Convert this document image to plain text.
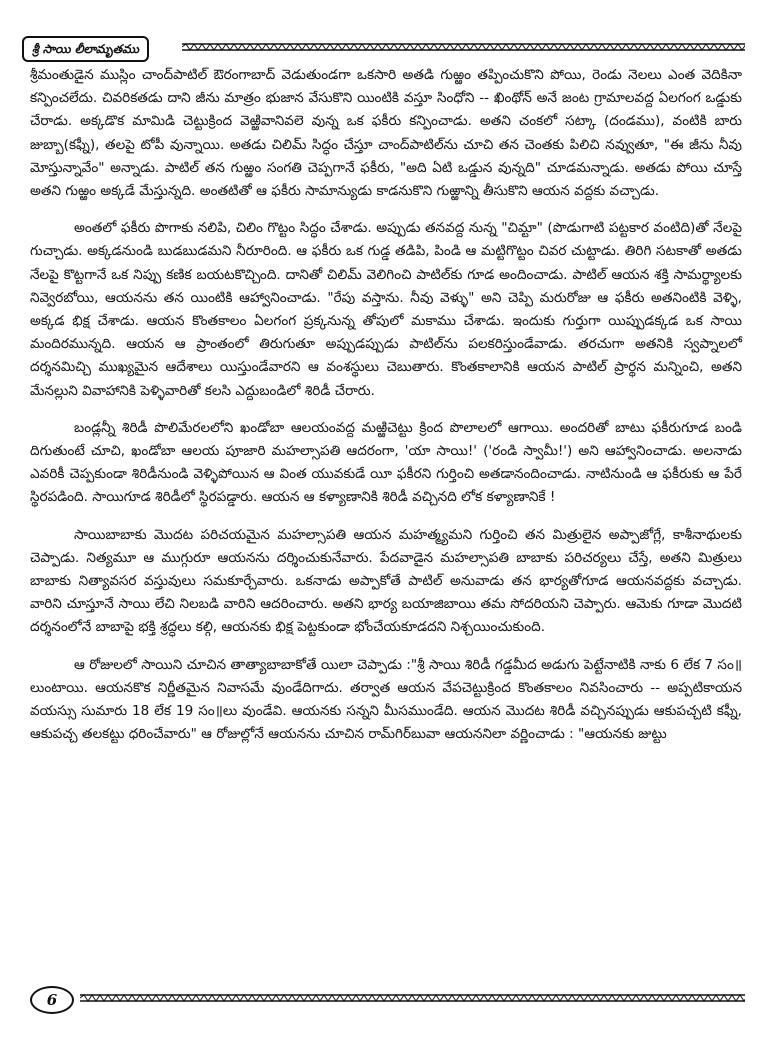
శ్రీ సాయి లీలామృతము

శ్రీమంతుడైన ముస్లిం చాంద్‌పాటిల్ ఔరంగాబాద్ వెడుతుండగా ఒకసారి అతడి గుఱ్ఱం తప్పించుకొని పోయి, రెండు నెలలు ఎంత వెదికినా కన్పించలేదు. చివరికతడు దాని జీను మాత్రం భుజాన వేసుకొని యింటికి వస్తూ సింధోని -- ఖింథోన్ అనే జంట గ్రామాలవద్ద ఏలగంగ ఒడ్డుకు చేరాడు. అక్కడొక మామిడి చెట్టుక్రింద వెఱ్ఱివానివలె వున్న ఒక ఫకీరు కన్పించాడు. అతని చంకలో సట్కా (దండము), వంటికి బారు జుబ్బా(కఫ్నీ), తలపై టోపీ వున్నాయి. అతడు చిలిమ్ సిద్ధం చేస్తూ చాంద్‌పాటిల్‌ను చూచి తన చెంతకు పిలిచి నవ్వుతూ, "ఈ జీను నీవు మోస్తున్నావేం" అన్నాడు. పాటిల్ తన గుఱ్ఱం సంగతి చెప్పగానే ఫకీరు, "అది ఏటి ఒడ్డున వున్నది" చూడమన్నాడు. అతడు పోయి చూస్తే అతని గుఱ్ఱం అక్కడే మేస్తున్నది. అంతటితో ఆ ఫకీరు సామాన్యుడు కాడనుకొని గుఱ్ఱాన్ని తీసుకొని ఆయన వద్దకు వచ్చాడు.

అంతలో ఫకీరు పొగాకు నలిపి, చిలిం గొట్టం సిద్ధం చేశాడు. అప్పుడు తనవద్ద నున్న "చిమ్టా" (పొడుగాటి పట్టకార వంటిది)తో నేలపై గుచ్చాడు. అక్కడనుండి బుడబుడమని నీరూరింది. ఆ ఫకీరు ఒక గుడ్డ తడిపి, పిండి ఆ మట్టిగొట్టం చివర చుట్టాడు. తిరిగి సటకాతో అతడు నేలపై కొట్టగానే ఒక నిప్పు కణిక బయటకొచ్చింది. దానితో చిలిమ్ వెలిగించి పాటిల్‌కు గూడ అందించాడు. పాటిల్ ఆయన శక్తి సామర్థ్యాలకు నివ్వెరబోయి, ఆయనను తన యింటికి ఆహ్వానించాడు. "రేపు వస్తాను. నీవు వెళ్ళు" అని చెప్పి మరురోజు ఆ ఫకీరు అతనింటికి వెళ్ళి, అక్కడ భిక్ష చేశాడు. ఆయన కొంతకాలం ఏలగంగ ప్రక్కనున్న తోపులో మకాము చేశాడు. ఇందుకు గుర్తుగా యిప్పుడక్కడ ఒక సాయి మందిరమున్నది. ఆయన ఆ ప్రాంతంలో తిరుగుతూ అప్పుడప్పుడు పాటిల్‌ను పలకరిస్తుండేవాడు. తరచుగా అతనికి స్వప్నాలలో దర్శనమిచ్చి ముఖ్యమైన ఆదేశాలు యిస్తుండేవారని ఆ వంశస్థులు చెబుతారు. కొంతకాలానికి ఆయన పాటిల్ ప్రార్థన మన్నించి, అతని మేనల్లుని వివాహానికి పెళ్ళివారితో కలసి ఎద్దుబండిలో శిరిడీ చేరారు.

బండ్లన్నీ శిరిడీ పొలిమేరలలోని ఖండోబా ఆలయంవద్ద మఱ్ఱిచెట్టు క్రింద పొలాలలో ఆగాయి. అందరితో బాటు ఫకీరుగూడ బండి దిగుతుంటే చూచి, ఖండోబా ఆలయ పూజారి మహల్సాపతి ఆదరంగా, 'యా సాయి!' ('రండి స్వామీ!') అని ఆహ్వానించాడు. అలనాడు ఎవరికీ చెప్పకుండా శిరిడీనుండి వెళ్ళిపోయిన ఆ వింత యువకుడే యీ ఫకీరని గుర్తించి అతడానందించాడు. నాటినుండి ఆ ఫకీరుకు ఆ పేరే స్థిరపడింది. సాయిగూడ శిరిడీలో స్థిరపడ్డారు. ఆయన ఆ కళ్యాణానికి శిరిడీ వచ్చినది లోక కళ్యాణానికే !

సాయిబాబాకు మొదట పరిచయమైన మహల్సాపతి ఆయన మహత్మ్యమని గుర్తించి తన మిత్రులైన అప్పాజోగ్లే, కాశీనాథులకు చెప్పాడు. నిత్యమూ ఆ ముగ్గురూ ఆయనను దర్శించుకునేవారు. పేదవాడైన మహల్సాపతి బాబాకు పరిచర్యలు చేస్తే, అతని మిత్రులు బాబాకు నిత్యావసర వస్తువులు సమకూర్చేవారు. ఒకనాడు అప్పాకోతే పాటిల్ అనువాడు తన భార్యతోగూడ ఆయనవద్దకు వచ్చాడు. వారిని చూస్తూనే సాయి లేచి నిలబడి వారిని ఆదరించారు. అతని భార్య బయాజిబాయి తమ సోదరియని చెప్పారు. ఆమెకు గూడా మొదటి దర్శనంలోనే బాబాపై భక్తి శ్రద్ధలు కల్గి, ఆయనకు భిక్ష పెట్టకుండా భోంచేయకూడదని నిశ్చయించుకుంది.

ఆ రోజులలో సాయిని చూచిన తాత్యాబాబాకోతే యిలా చెప్పాడు :"శ్రీ సాయి శిరిడీ గడ్డమీద అడుగు పెట్టేనాటికి నాకు 6 లేక 7 సం॥ లుంటాయి. ఆయనకొక నిర్ణీతమైన నివాసమే వుండేదిగాదు. తర్వాత ఆయన వేపచెట్టుక్రింద కొంతకాలం నివసించారు -- అప్పటికాయన వయస్సు సుమారు 18 లేక 19 సం॥లు వుండేవి. ఆయనకు సన్నని మీసముండేది. ఆయన మొదట శిరిడీ వచ్చినప్పుడు ఆకుపచ్చటి కఫ్నీ, ఆకుపచ్చ తలకట్టు ధరించేవారు" ఆ రోజుల్లోనే ఆయనను చూచిన రామ్‌గిర్‌బువా ఆయననిలా వర్ణించాడు : "ఆయనకు జుట్టు

6
